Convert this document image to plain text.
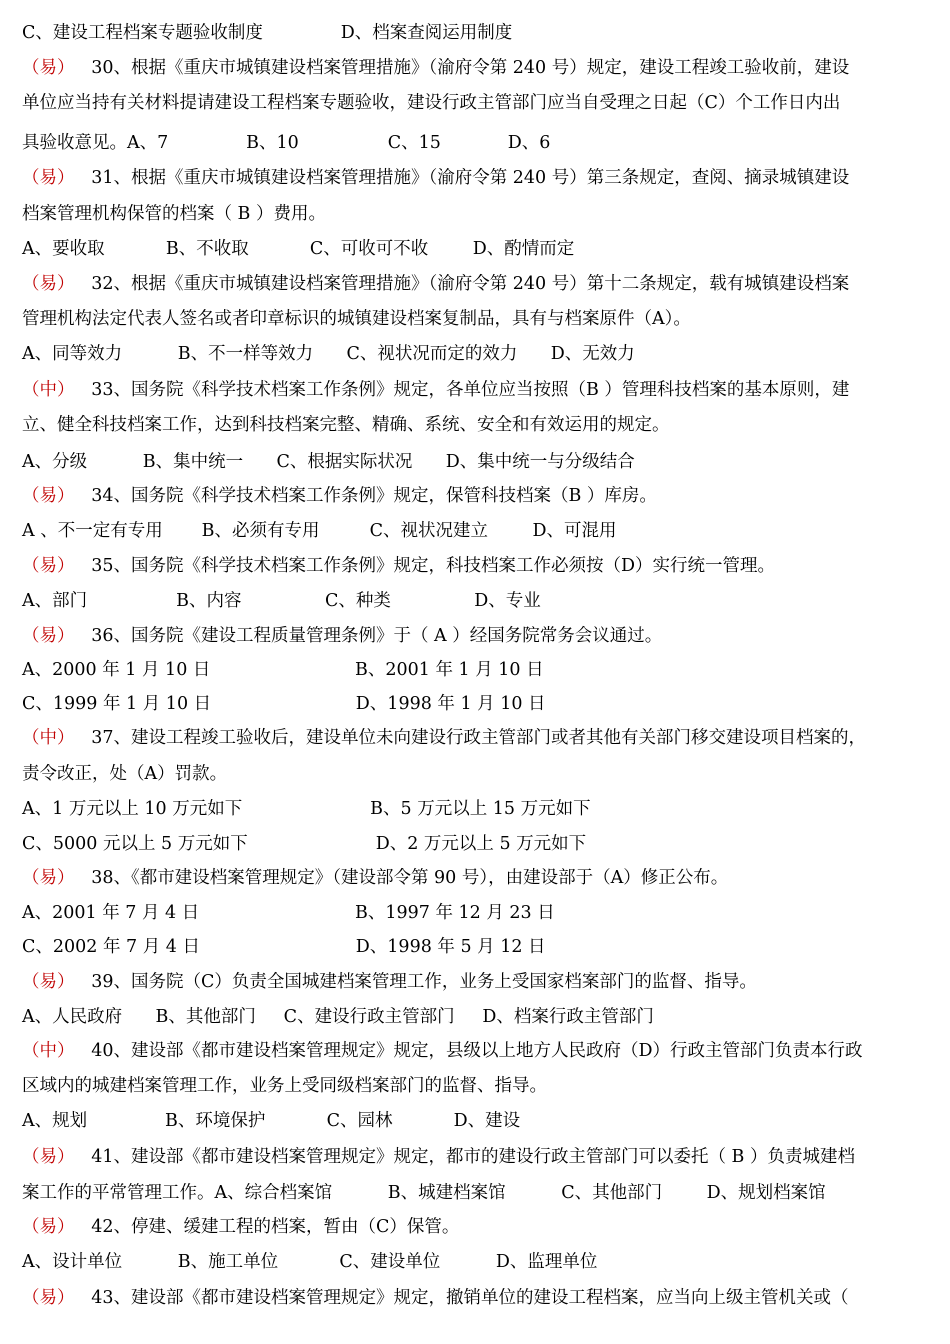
C、建设工程档案专题验收制度              D、档案查阅运用制度
（易）   30、根据《重庆市城镇建设档案管理措施》（渝府令第 240 号）规定，建设工程竣工验收前，建设
单位应当持有关材料提请建设工程档案专题验收，建设行政主管部门应当自受理之日起（C）个工作日内出
具验收意见。A、7              B、10                C、15            D、6
（易）   31、根据《重庆市城镇建设档案管理措施》（渝府令第 240 号）第三条规定，查阅、摘录城镇建设
档案管理机构保管的档案（ B ）费用。
A、要收取           B、不收取           C、可收可不收        D、酌情而定
（易）   32、根据《重庆市城镇建设档案管理措施》（渝府令第 240 号）第十二条规定，载有城镇建设档案
管理机构法定代表人签名或者印章标识的城镇建设档案复制品，具有与档案原件（A）。
A、同等效力          B、不一样等效力      C、视状况而定的效力      D、无效力
（中）   33、国务院《科学技术档案工作条例》规定，各单位应当按照（B ）管理科技档案的基本原则，建
立、健全科技档案工作，达到科技档案完整、精确、系统、安全和有效运用的规定。
A、分级          B、集中统一      C、根据实际状况      D、集中统一与分级结合
（易）   34、国务院《科学技术档案工作条例》规定，保管科技档案（B ）库房。
A 、不一定有专用       B、必须有专用         C、视状况建立        D、可混用
（易）   35、国务院《科学技术档案工作条例》规定，科技档案工作必须按（D）实行统一管理。
A、部门                B、内容               C、种类               D、专业
（易）   36、国务院《建设工程质量管理条例》于（ A ）经国务院常务会议通过。
A、2000 年 1 月 10 日                          B、2001 年 1 月 10 日
C、1999 年 1 月 10 日                          D、1998 年 1 月 10 日
（中）   37、建设工程竣工验收后，建设单位未向建设行政主管部门或者其他有关部门移交建设项目档案的，
责令改正，处（A）罚款。
A、1 万元以上 10 万元如下                       B、5 万元以上 15 万元如下
C、5000 元以上 5 万元如下                       D、2 万元以上 5 万元如下
（易）   38、《都市建设档案管理规定》（建设部令第 90 号），由建设部于（A）修正公布。
A、2001 年 7 月 4 日                            B、1997 年 12 月 23 日
C、2002 年 7 月 4 日                            D、1998 年 5 月 12 日
（易）   39、国务院（C）负责全国城建档案管理工作，业务上受国家档案部门的监督、指导。
A、人民政府      B、其他部门     C、建设行政主管部门     D、档案行政主管部门
（中）   40、建设部《都市建设档案管理规定》规定，县级以上地方人民政府（D）行政主管部门负责本行政
区域内的城建档案管理工作，业务上受同级档案部门的监督、指导。
A、规划              B、环境保护           C、园林           D、建设
（易）   41、建设部《都市建设档案管理规定》规定，都市的建设行政主管部门可以委托（ B ）负责城建档
案工作的平常管理工作。A、综合档案馆          B、城建档案馆          C、其他部门        D、规划档案馆
（易）   42、停建、缓建工程的档案，暂由（C）保管。
A、设计单位          B、施工单位           C、建设单位          D、监理单位
（易）   43、建设部《都市建设档案管理规定》规定，撤销单位的建设工程档案，应当向上级主管机关或（
